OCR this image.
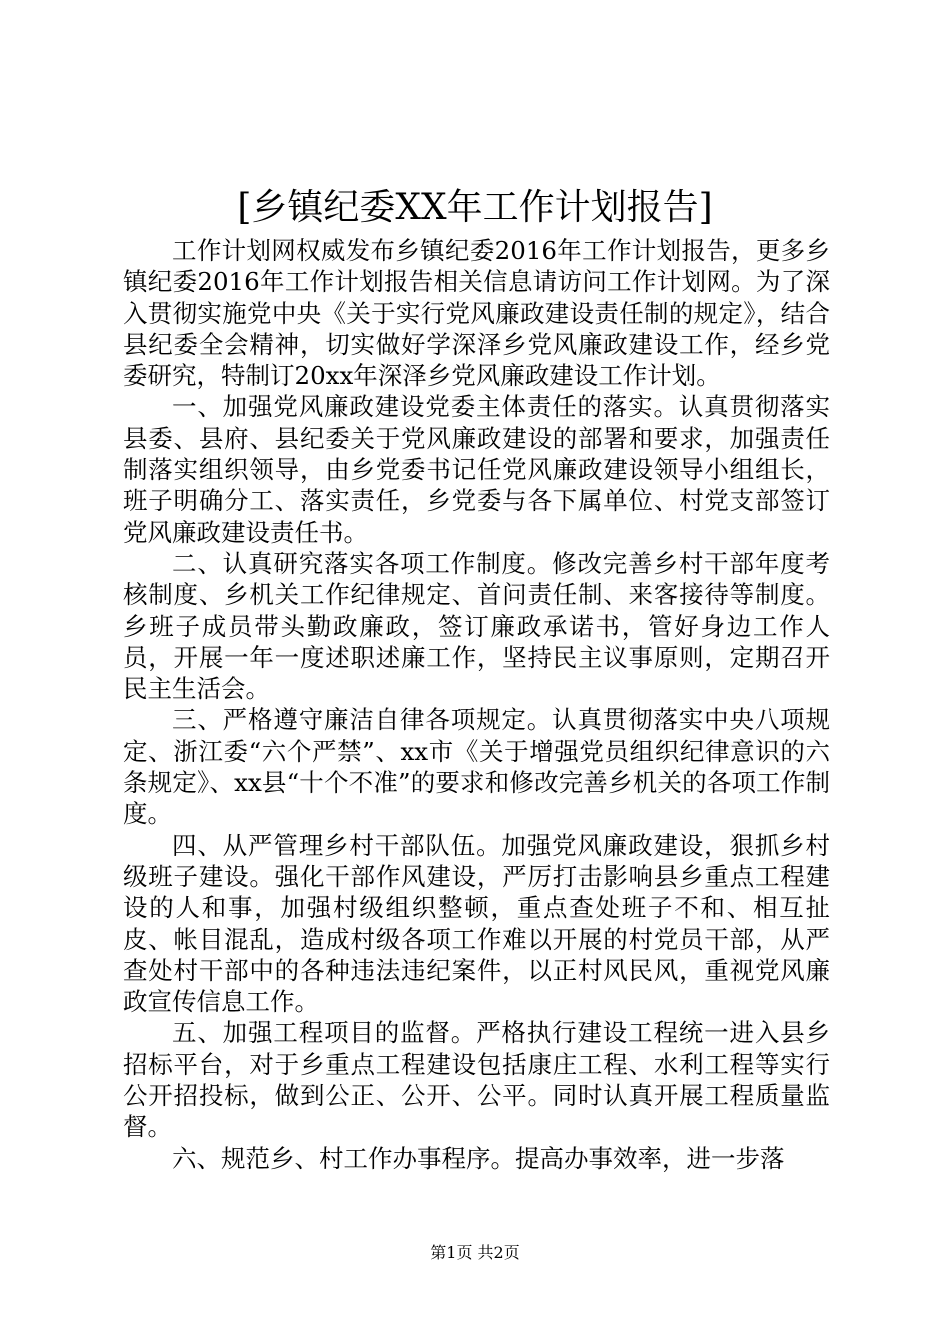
[乡镇纪委XX年工作计划报告]

工作计划网权威发布乡镇纪委2016年工作计划报告，更多乡镇纪委2016年工作计划报告相关信息请访问工作计划网。为了深入贯彻实施党中央《关于实行党风廉政建设责任制的规定》，结合县纪委全会精神，切实做好学深泽乡党风廉政建设工作，经乡党委研究，特制订20xx年深泽乡党风廉政建设工作计划。

一、加强党风廉政建设党委主体责任的落实。认真贯彻落实县委、县府、县纪委关于党风廉政建设的部署和要求，加强责任制落实组织领导，由乡党委书记任党风廉政建设领导小组组长，班子明确分工、落实责任，乡党委与各下属单位、村党支部签订党风廉政建设责任书。

二、认真研究落实各项工作制度。修改完善乡村干部年度考核制度、乡机关工作纪律规定、首问责任制、来客接待等制度。乡班子成员带头勤政廉政，签订廉政承诺书，管好身边工作人员，开展一年一度述职述廉工作，坚持民主议事原则，定期召开民主生活会。

三、严格遵守廉洁自律各项规定。认真贯彻落实中央八项规定、浙江委“六个严禁”、xx市《关于增强党员组织纪律意识的六条规定》、xx县“十个不准”的要求和修改完善乡机关的各项工作制度。

四、从严管理乡村干部队伍。加强党风廉政建设，狠抓乡村级班子建设。强化干部作风建设，严厉打击影响县乡重点工程建设的人和事，加强村级组织整顿，重点查处班子不和、相互扯皮、帐目混乱，造成村级各项工作难以开展的村党员干部，从严查处村干部中的各种违法违纪案件，以正村风民风，重视党风廉政宣传信息工作。

五、加强工程项目的监督。严格执行建设工程统一进入县乡招标平台，对于乡重点工程建设包括康庄工程、水利工程等实行公开招投标，做到公正、公开、公平。同时认真开展工程质量监督。

六、规范乡、村工作办事程序。提高办事效率，进一步落

第1页 共2页
